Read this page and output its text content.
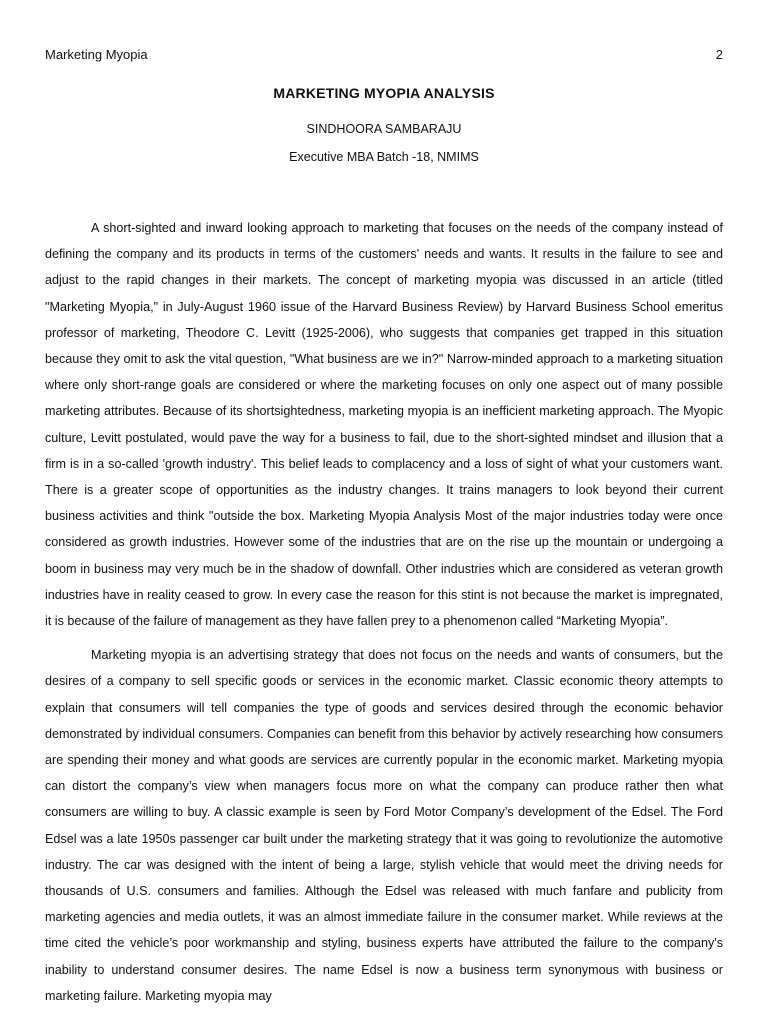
Marketing Myopia	2
MARKETING MYOPIA ANALYSIS
SINDHOORA SAMBARAJU
Executive MBA Batch -18, NMIMS

A short-sighted and inward looking approach to marketing that focuses on the needs of the company instead of defining the company and its products in terms of the customers' needs and wants. It results in the failure to see and adjust to the rapid changes in their markets. The concept of marketing myopia was discussed in an article (titled "Marketing Myopia," in July-August 1960 issue of the Harvard Business Review) by Harvard Business School emeritus professor of marketing, Theodore C. Levitt (1925-2006), who suggests that companies get trapped in this situation because they omit to ask the vital question, "What business are we in?" Narrow-minded approach to a marketing situation where only short-range goals are considered or where the marketing focuses on only one aspect out of many possible marketing attributes. Because of its shortsightedness, marketing myopia is an inefficient marketing approach. The Myopic culture, Levitt postulated, would pave the way for a business to fail, due to the short-sighted mindset and illusion that a firm is in a so-called 'growth industry'. This belief leads to complacency and a loss of sight of what your customers want. There is a greater scope of opportunities as the industry changes. It trains managers to look beyond their current business activities and think "outside the box. Marketing Myopia Analysis Most of the major industries today were once considered as growth industries. However some of the industries that are on the rise up the mountain or undergoing a boom in business may very much be in the shadow of downfall. Other industries which are considered as veteran growth industries have in reality ceased to grow. In every case the reason for this stint is not because the market is impregnated, it is because of the failure of management as they have fallen prey to a phenomenon called “Marketing Myopia”.

Marketing myopia is an advertising strategy that does not focus on the needs and wants of consumers, but the desires of a company to sell specific goods or services in the economic market. Classic economic theory attempts to explain that consumers will tell companies the type of goods and services desired through the economic behavior demonstrated by individual consumers. Companies can benefit from this behavior by actively researching how consumers are spending their money and what goods are services are currently popular in the economic market. Marketing myopia can distort the company’s view when managers focus more on what the company can produce rather then what consumers are willing to buy. A classic example is seen by Ford Motor Company’s development of the Edsel. The Ford Edsel was a late 1950s passenger car built under the marketing strategy that it was going to revolutionize the automotive industry. The car was designed with the intent of being a large, stylish vehicle that would meet the driving needs for thousands of U.S. consumers and families. Although the Edsel was released with much fanfare and publicity from marketing agencies and media outlets, it was an almost immediate failure in the consumer market. While reviews at the time cited the vehicle’s poor workmanship and styling, business experts have attributed the failure to the company's inability to understand consumer desires. The name Edsel is now a business term synonymous with business or marketing failure. Marketing myopia may
